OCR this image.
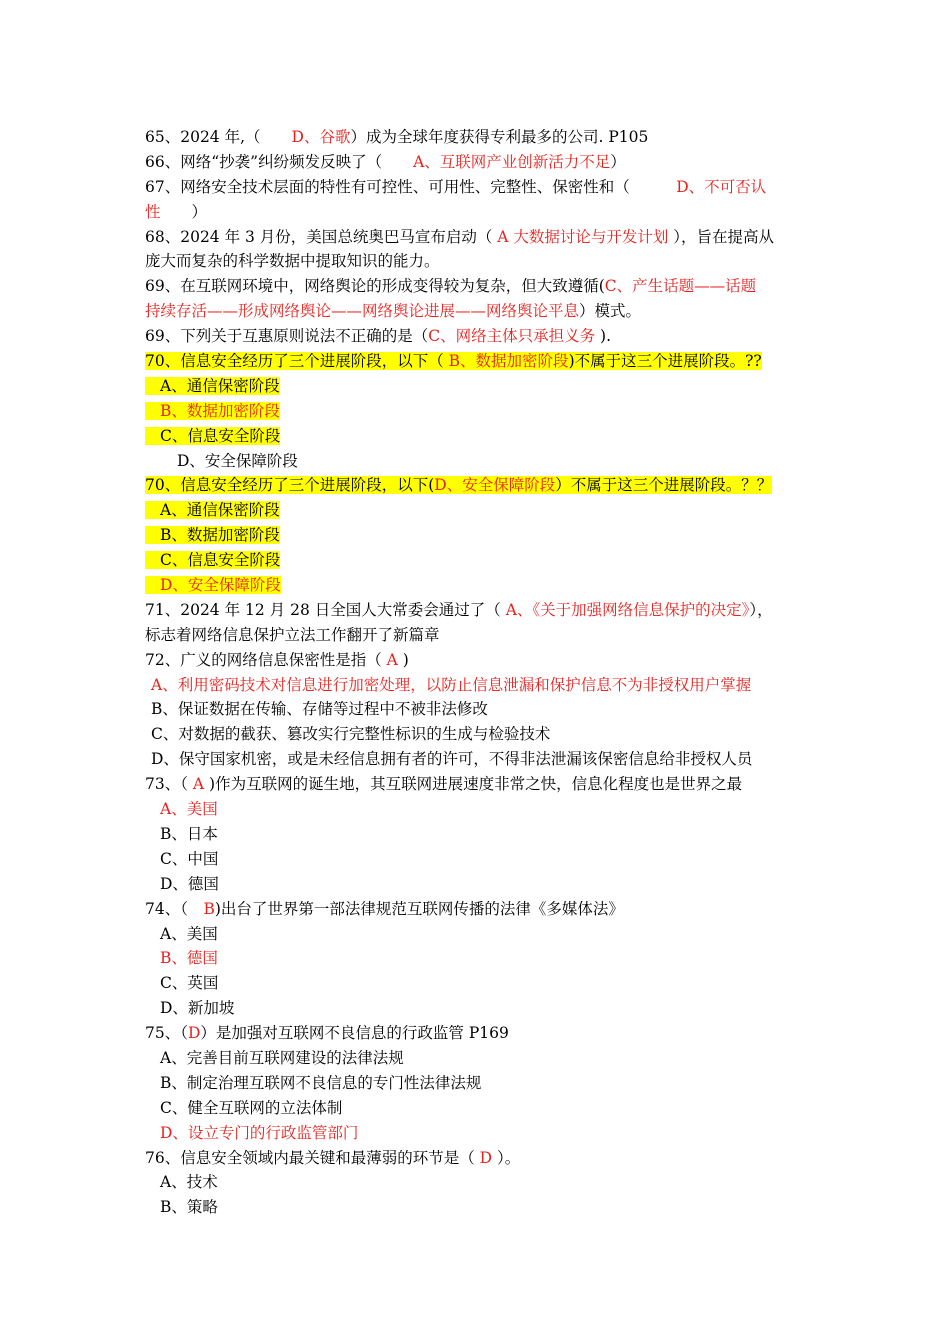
65、2024 年,（　　D、谷歌）成为全球年度获得专利最多的公司. P105
66、网络“抄袭”纠纷频发反映了（　　A、互联网产业创新活力不足）
67、网络安全技术层面的特性有可控性、可用性、完整性、保密性和（　　　D、不可否认
性　　）
68、2024 年 3 月份，美国总统奥巴马宣布启动（ A 大数据讨论与开发计划 ），旨在提高从
庞大而复杂的科学数据中提取知识的能力。
69、在互联网环境中，网络舆论的形成变得较为复杂，但大致遵循(C、产生话题——话题
持续存活——形成网络舆论——网络舆论进展——网络舆论平息）模式。
69、下列关于互惠原则说法不正确的是（C、网络主体只承担义务 ).
70、信息安全经历了三个进展阶段，以下（ B、数据加密阶段)不属于这三个进展阶段。??
A、通信保密阶段
B、数据加密阶段
C、信息安全阶段
D、安全保障阶段
70、信息安全经历了三个进展阶段，以下(D、安全保障阶段）不属于这三个进展阶段。？？
A、通信保密阶段
B、数据加密阶段
C、信息安全阶段
D、安全保障阶段
71、2024 年 12 月 28 日全国人大常委会通过了（ A、《关于加强网络信息保护的决定》），
标志着网络信息保护立法工作翻开了新篇章
72、广义的网络信息保密性是指（ A )
A、利用密码技术对信息进行加密处理，以防止信息泄漏和保护信息不为非授权用户掌握
B、保证数据在传输、存储等过程中不被非法修改
C、对数据的截获、篡改实行完整性标识的生成与检验技术
D、保守国家机密，或是未经信息拥有者的许可，不得非法泄漏该保密信息给非授权人员
73、（ A )作为互联网的诞生地，其互联网进展速度非常之快，信息化程度也是世界之最
A、美国
B、日本
C、中国
D、德国
74、（　B)出台了世界第一部法律规范互联网传播的法律《多媒体法》
A、美国
B、德国
C、英国
D、新加坡
75、（D）是加强对互联网不良信息的行政监管 P169
A、完善目前互联网建设的法律法规
B、制定治理互联网不良信息的专门性法律法规
C、健全互联网的立法体制
D、设立专门的行政监管部门
76、信息安全领域内最关键和最薄弱的环节是（ D ）。
A、技术
B、策略
